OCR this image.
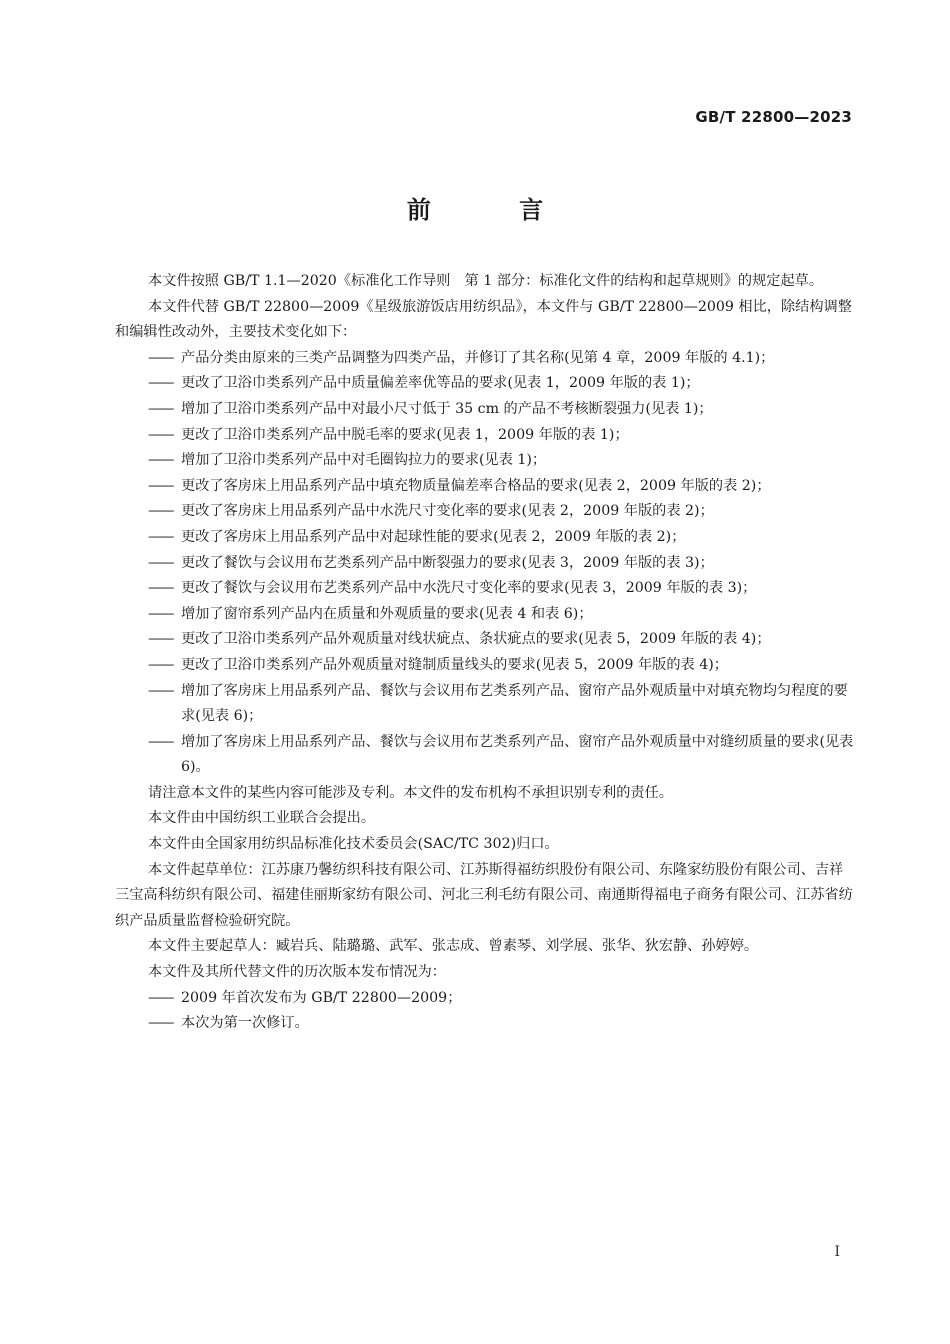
GB/T 22800—2023
前 言

本文件按照 GB/T 1.1—2020《标准化工作导则　第 1 部分：标准化文件的结构和起草规则》的规定起草。

本文件代替 GB/T 22800—2009《星级旅游饭店用纺织品》，本文件与 GB/T 22800—2009 相比，除结构调整和编辑性改动外，主要技术变化如下：

—— 产品分类由原来的三类产品调整为四类产品，并修订了其名称(见第 4 章，2009 年版的 4.1)；

—— 更改了卫浴巾类系列产品中质量偏差率优等品的要求(见表 1，2009 年版的表 1)；

—— 增加了卫浴巾类系列产品中对最小尺寸低于 35 cm 的产品不考核断裂强力(见表 1)；

—— 更改了卫浴巾类系列产品中脱毛率的要求(见表 1，2009 年版的表 1)；

—— 增加了卫浴巾类系列产品中对毛圈钩拉力的要求(见表 1)；

—— 更改了客房床上用品系列产品中填充物质量偏差率合格品的要求(见表 2，2009 年版的表 2)；

—— 更改了客房床上用品系列产品中水洗尺寸变化率的要求(见表 2，2009 年版的表 2)；

—— 更改了客房床上用品系列产品中对起球性能的要求(见表 2，2009 年版的表 2)；

—— 更改了餐饮与会议用布艺类系列产品中断裂强力的要求(见表 3，2009 年版的表 3)；

—— 更改了餐饮与会议用布艺类系列产品中水洗尺寸变化率的要求(见表 3，2009 年版的表 3)；

—— 增加了窗帘系列产品内在质量和外观质量的要求(见表 4 和表 6)；

—— 更改了卫浴巾类系列产品外观质量对线状疵点、条状疵点的要求(见表 5，2009 年版的表 4)；

—— 更改了卫浴巾类系列产品外观质量对缝制质量线头的要求(见表 5，2009 年版的表 4)；

—— 增加了客房床上用品系列产品、餐饮与会议用布艺类系列产品、窗帘产品外观质量中对填充物均匀程度的要求(见表 6)；

—— 增加了客房床上用品系列产品、餐饮与会议用布艺类系列产品、窗帘产品外观质量中对缝纫质量的要求(见表 6)。

请注意本文件的某些内容可能涉及专利。本文件的发布机构不承担识别专利的责任。

本文件由中国纺织工业联合会提出。

本文件由全国家用纺织品标准化技术委员会(SAC/TC 302)归口。

本文件起草单位：江苏康乃馨纺织科技有限公司、江苏斯得福纺织股份有限公司、东隆家纺股份有限公司、吉祥三宝高科纺织有限公司、福建佳丽斯家纺有限公司、河北三利毛纺有限公司、南通斯得福电子商务有限公司、江苏省纺织产品质量监督检验研究院。

本文件主要起草人：臧岩兵、陆璐璐、武军、张志成、曾素琴、刘学展、张华、狄宏静、孙婷婷。

本文件及其所代替文件的历次版本发布情况为：

—— 2009 年首次发布为 GB/T 22800—2009；

—— 本次为第一次修订。

I
